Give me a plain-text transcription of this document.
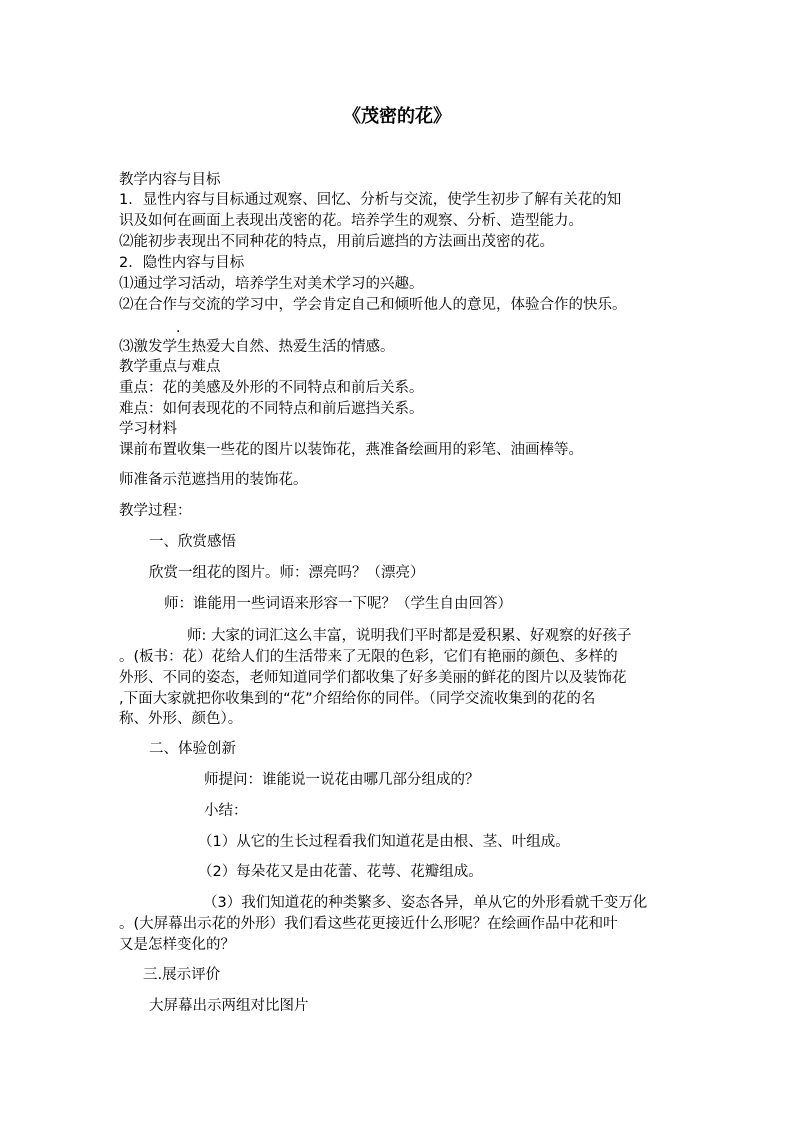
《茂密的花》
教学内容与目标
1．显性内容与目标通过观察、回忆、分析与交流，使学生初步了解有关花的知
识及如何在画面上表现出茂密的花。培养学生的观察、分析、造型能力。
⑵能初步表现出不同种花的特点，用前后遮挡的方法画出茂密的花。
2．隐性内容与目标
⑴通过学习活动，培养学生对美术学习的兴趣。
⑵在合作与交流的学习中，学会肯定自己和倾听他人的意见，体验合作的快乐。
.
⑶激发学生热爱大自然、热爱生活的情感。
教学重点与难点
重点：花的美感及外形的不同特点和前后关系。
难点：如何表现花的不同特点和前后遮挡关系。
学习材料
课前布置收集一些花的图片以装饰花，燕准备绘画用的彩笔、油画棒等。
师准备示范遮挡用的装饰花。
教学过程：
一、欣赏感悟
欣赏一组花的图片。师：漂亮吗？（漂亮）
师：谁能用一些词语来形容一下呢？（学生自由回答）
师: 大家的词汇这么丰富，说明我们平时都是爱积累、好观察的好孩子
。(板书：花）花给人们的生活带来了无限的色彩，它们有艳丽的颜色、多样的
外形、不同的姿态，老师知道同学们都收集了好多美丽的鲜花的图片以及装饰花
,下面大家就把你收集到的“花”介绍给你的同伴。（同学交流收集到的花的名
称、外形、颜色）。
二、体验创新
师提问：谁能说一说花由哪几部分组成的？
小结：
（1）从它的生长过程看我们知道花是由根、茎、叶组成。
（2）每朵花又是由花蕾、花萼、花瓣组成。
（3）我们知道花的种类繁多、姿态各异，单从它的外形看就千变万化
。(大屏幕出示花的外形）我们看这些花更接近什么形呢？在绘画作品中花和叶
又是怎样变化的？
三.展示评价
大屏幕出示两组对比图片
